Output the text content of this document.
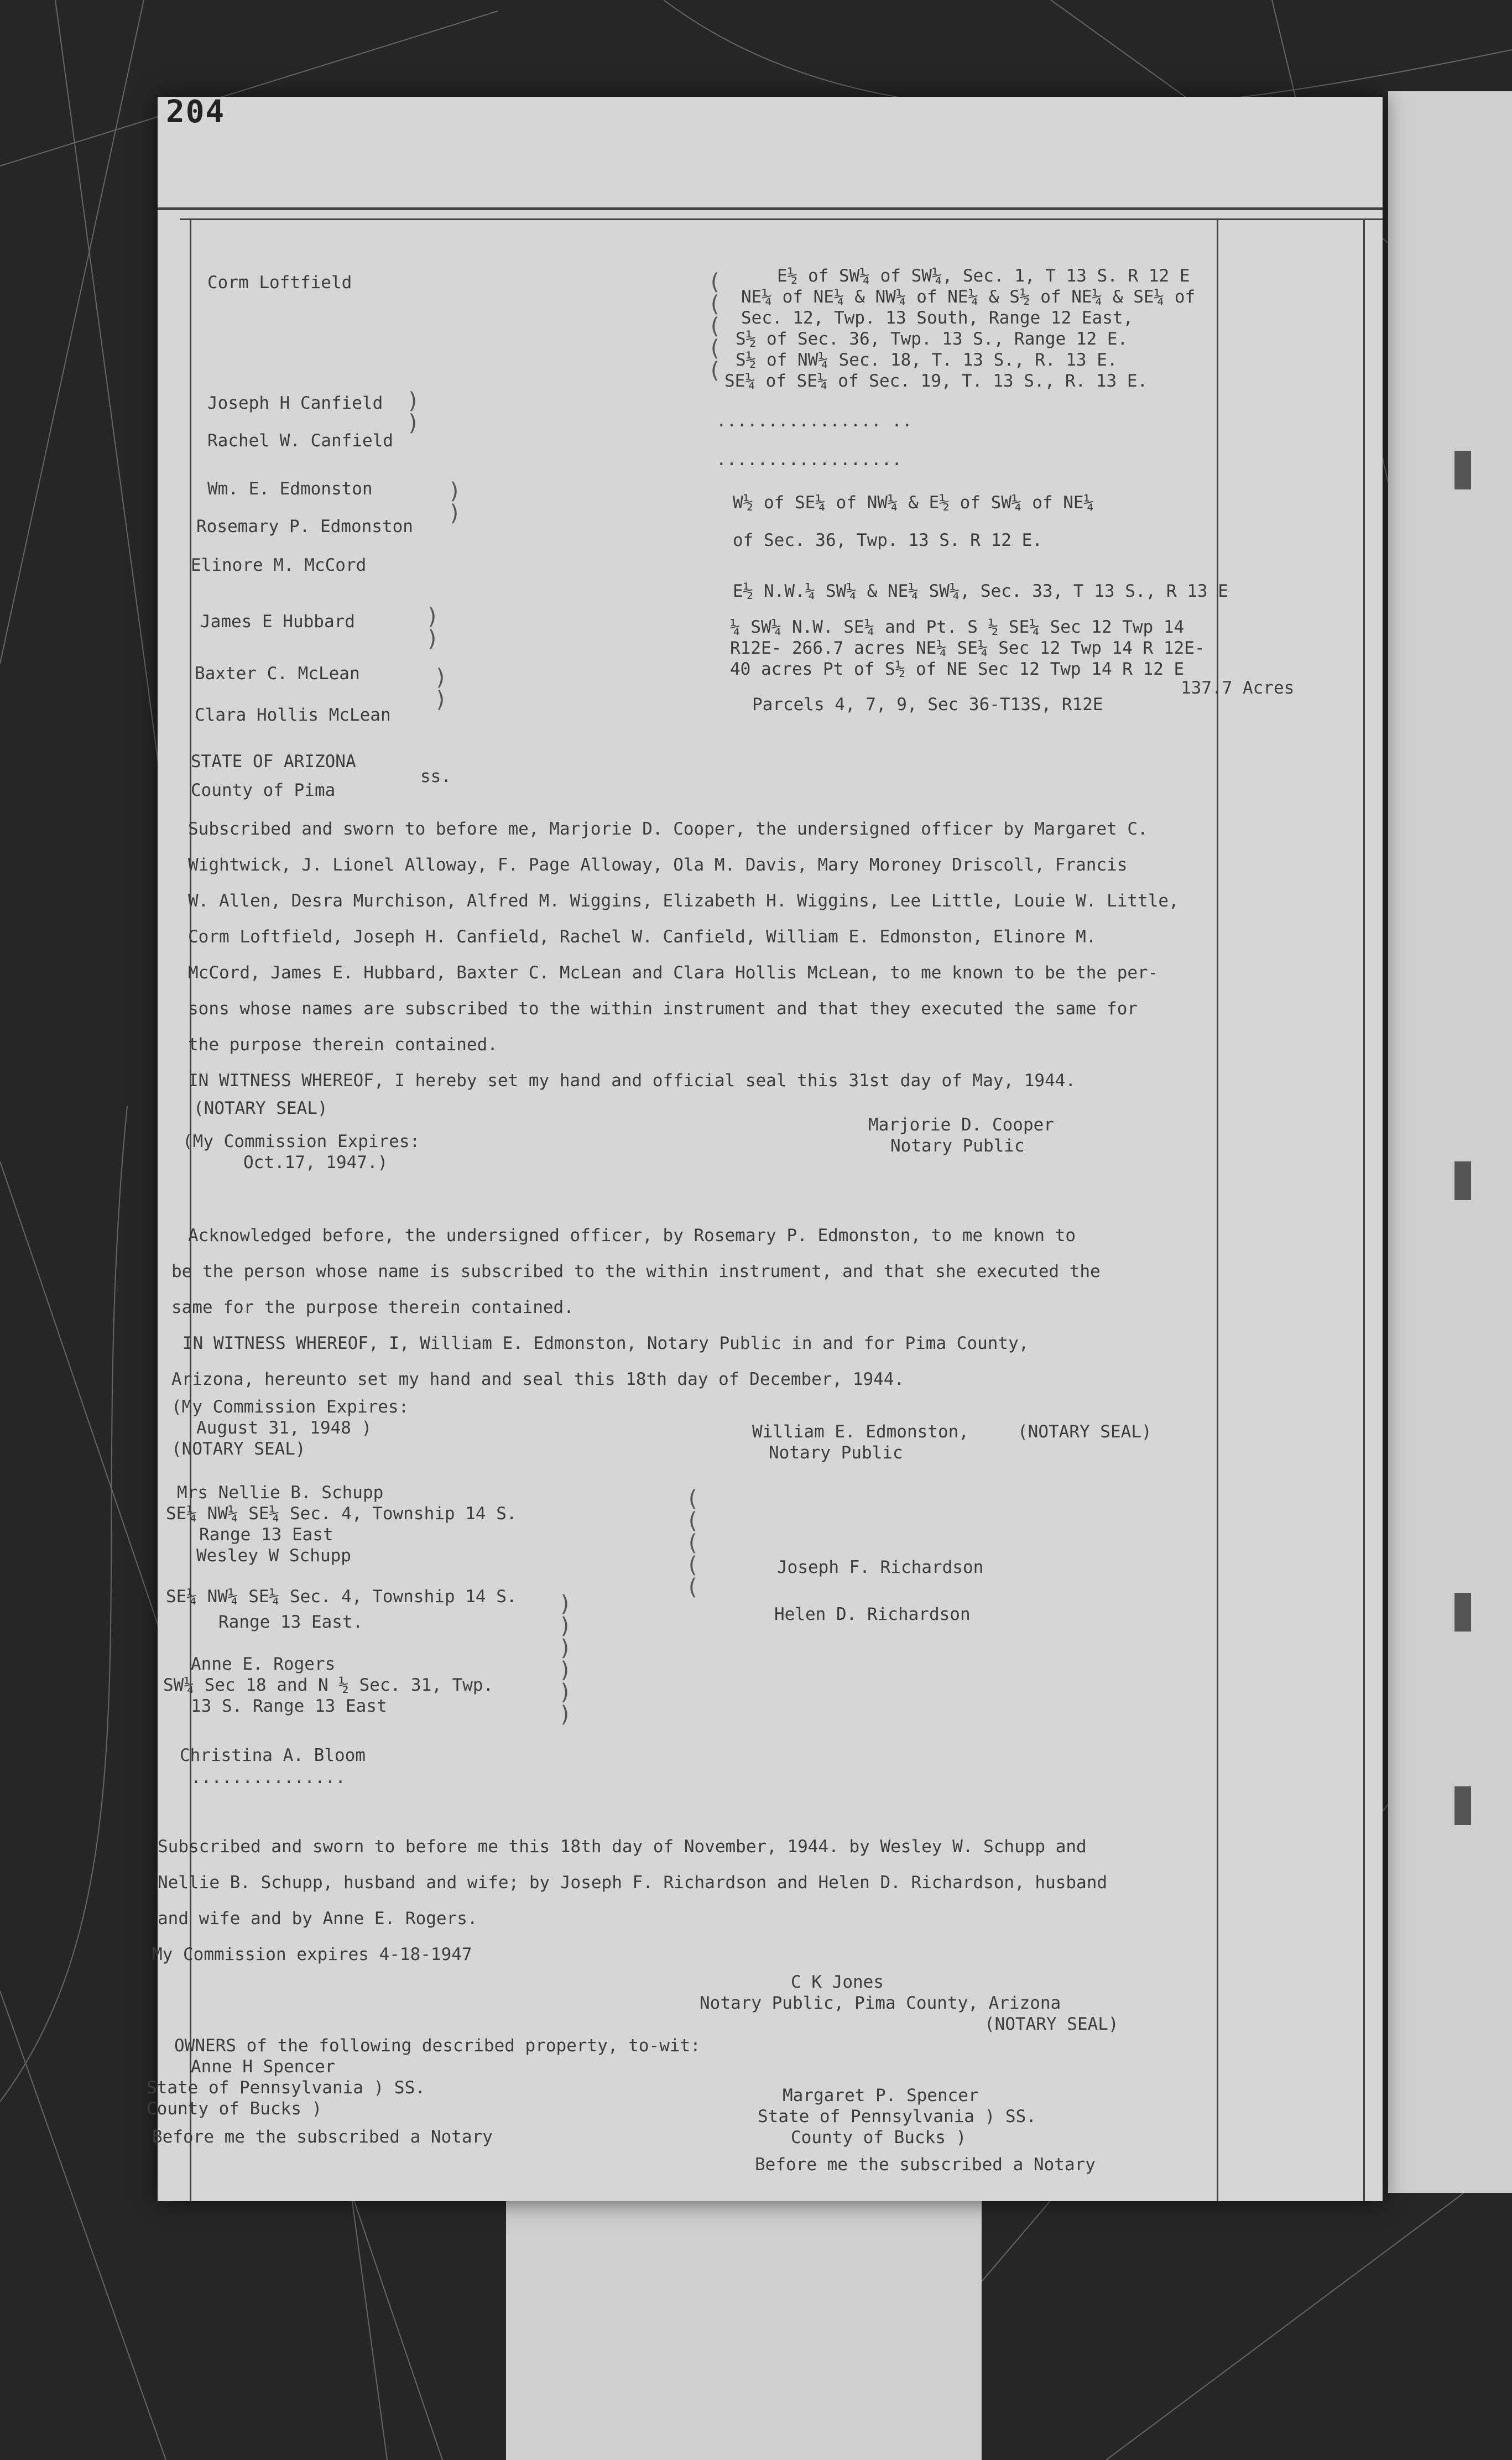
204
Corm Loftfield
Joseph H Canfield
Rachel W. Canfield
Wm. E. Edmonston
Rosemary P. Edmonston
Elinore M. McCord
James E Hubbard
Baxter C. McLean
Clara Hollis McLean
E½ of SW¼ of SW¼, Sec. 1, T 13 S. R 12 E
NE¼ of NE¼ & NW¼ of NE¼ & S½ of NE¼ & SE¼ of
Sec. 12, Twp. 13 South, Range 12 East,
S½ of Sec. 36, Twp. 13 S., Range 12 E.
S½ of NW¼ Sec. 18, T. 13 S., R. 13 E.
SE¼ of SE¼ of Sec. 19, T. 13 S., R. 13 E.
................ ..
..................
W½ of SE¼ of NW¼ & E½ of SW¼ of NE¼
of Sec. 36, Twp. 13 S. R 12 E.
E½ N.W.¼ SW¼ & NE¼ SW¼, Sec. 33, T 13 S., R 13 E
¼ SW¼ N.W. SE¼ and Pt. S ½ SE¼ Sec 12 Twp 14
R12E- 266.7 acres NE¼ SE¼ Sec 12 Twp 14 R 12E-
40 acres Pt of S½ of NE Sec 12 Twp 14 R 12 E
137.7 Acres
Parcels 4, 7, 9, Sec 36-T13S, R12E
(
(
(
(
(
)
)
)
)
)
)
)
)
STATE OF ARIZONA
County of Pima
ss.
Subscribed and sworn to before me, Marjorie D. Cooper, the undersigned officer by Margaret C.
Wightwick, J. Lionel Alloway, F. Page Alloway, Ola M. Davis, Mary Moroney Driscoll, Francis
W. Allen, Desra Murchison, Alfred M. Wiggins, Elizabeth H. Wiggins, Lee Little, Louie W. Little,
Corm Loftfield, Joseph H. Canfield, Rachel W. Canfield, William E. Edmonston, Elinore M.
McCord, James E. Hubbard, Baxter C. McLean and Clara Hollis McLean, to me known to be the per-
sons whose names are subscribed to the within instrument and that they executed the same for
the purpose therein contained.
IN WITNESS WHEREOF, I hereby set my hand and official seal this 31st day of May, 1944.
(NOTARY SEAL)
(My Commission Expires:
Oct.17, 1947.)
Marjorie D. Cooper
Notary Public
Acknowledged before, the undersigned officer, by Rosemary P. Edmonston, to me known to
be the person whose name is subscribed to the within instrument, and that she executed the
same for the purpose therein contained.
IN WITNESS WHEREOF, I, William E. Edmonston, Notary Public in and for Pima County,
Arizona, hereunto set my hand and seal this 18th day of December, 1944.
(My Commission Expires:
August 31, 1948 )
(NOTARY SEAL)
William E. Edmonston,	(NOTARY SEAL)
Notary Public
Mrs Nellie B. Schupp
SE¼ NW¼ SE¼ Sec. 4, Township 14 S.
Range 13 East
Wesley W Schupp
SE¼ NW¼ SE¼ Sec. 4, Township 14 S.
Range 13 East.
Anne E. Rogers
SW¼ Sec 18 and N ½ Sec. 31, Twp.
13 S. Range 13 East
Christina A. Bloom
...............
)
)
)
)
)
)
(
(
(
(
(
Joseph F. Richardson
Helen D. Richardson
Subscribed and sworn to before me this 18th day of November, 1944. by Wesley W. Schupp and
Nellie B. Schupp, husband and wife; by Joseph F. Richardson and Helen D. Richardson, husband
and wife and by Anne E. Rogers.
My Commission expires 4-18-1947
C K Jones
Notary Public, Pima County, Arizona
(NOTARY SEAL)
OWNERS of the following described property, to-wit:
Anne H Spencer
State of Pennsylvania ) SS.
County of Bucks )
Before me the subscribed a Notary
Margaret P. Spencer
State of Pennsylvania ) SS.
County of Bucks )
Before me the subscribed a Notary
